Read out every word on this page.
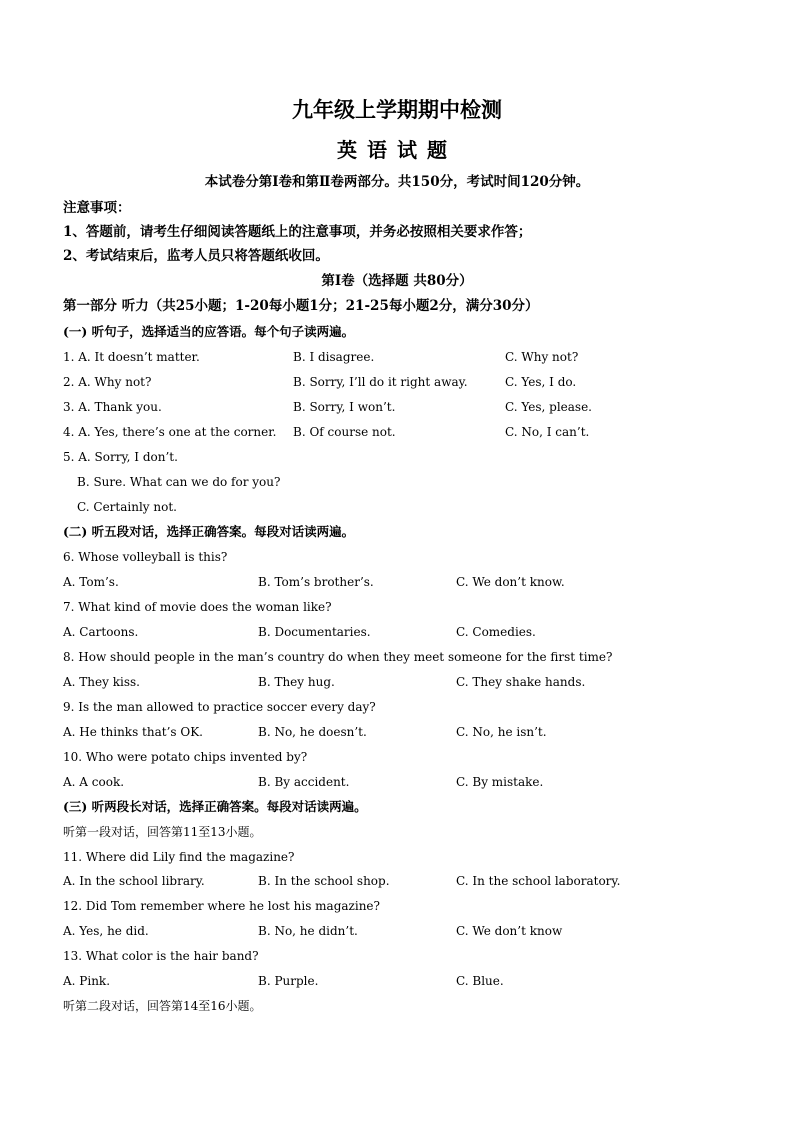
九年级上学期期中检测
英语试题
本试卷分第Ⅰ卷和第Ⅱ卷两部分。共150分，考试时间120分钟。
注意事项：
1、答题前，请考生仔细阅读答题纸上的注意事项，并务必按照相关要求作答；
2、考试结束后，监考人员只将答题纸收回。
第Ⅰ卷（选择题 共80分）
第一部分 听力（共25小题；1-20每小题1分；21-25每小题2分，满分30分）
(一) 听句子，选择适当的应答语。每个句子读两遍。
1. A. It doesn’t matter.	B. I disagree.	C. Why not?
2. A. Why not?	B. Sorry, I’ll do it right away.	C. Yes, I do.
3. A. Thank you.	B. Sorry, I won’t.	C. Yes, please.
4. A. Yes, there’s one at the corner. B. Of course not.	C. No, I can’t.
5. A. Sorry, I don’t.
B. Sure. What can we do for you?
C. Certainly not.
(二) 听五段对话，选择正确答案。每段对话读两遍。
6. Whose volleyball is this?
A. Tom’s.	B. Tom’s brother’s.	C. We don’t know.
7. What kind of movie does the woman like?
A. Cartoons.	B. Documentaries.	C. Comedies.
8. How should people in the man’s country do when they meet someone for the first time?
A. They kiss.	B. They hug.	C. They shake hands.
9. Is the man allowed to practice soccer every day?
A. He thinks that’s OK.	B. No, he doesn’t.	C. No, he isn’t.
10. Who were potato chips invented by?
A. A cook.	B. By accident.	C. By mistake.
(三) 听两段长对话，选择正确答案。每段对话读两遍。
听第一段对话，回答第11至13小题。
11. Where did Lily find the magazine?
A. In the school library.	B. In the school shop.	C. In the school laboratory.
12. Did Tom remember where he lost his magazine?
A. Yes, he did.	B. No, he didn’t.	C. We don’t know
13. What color is the hair band?
A. Pink.	B. Purple.	C. Blue.
听第二段对话，回答第14至16小题。
